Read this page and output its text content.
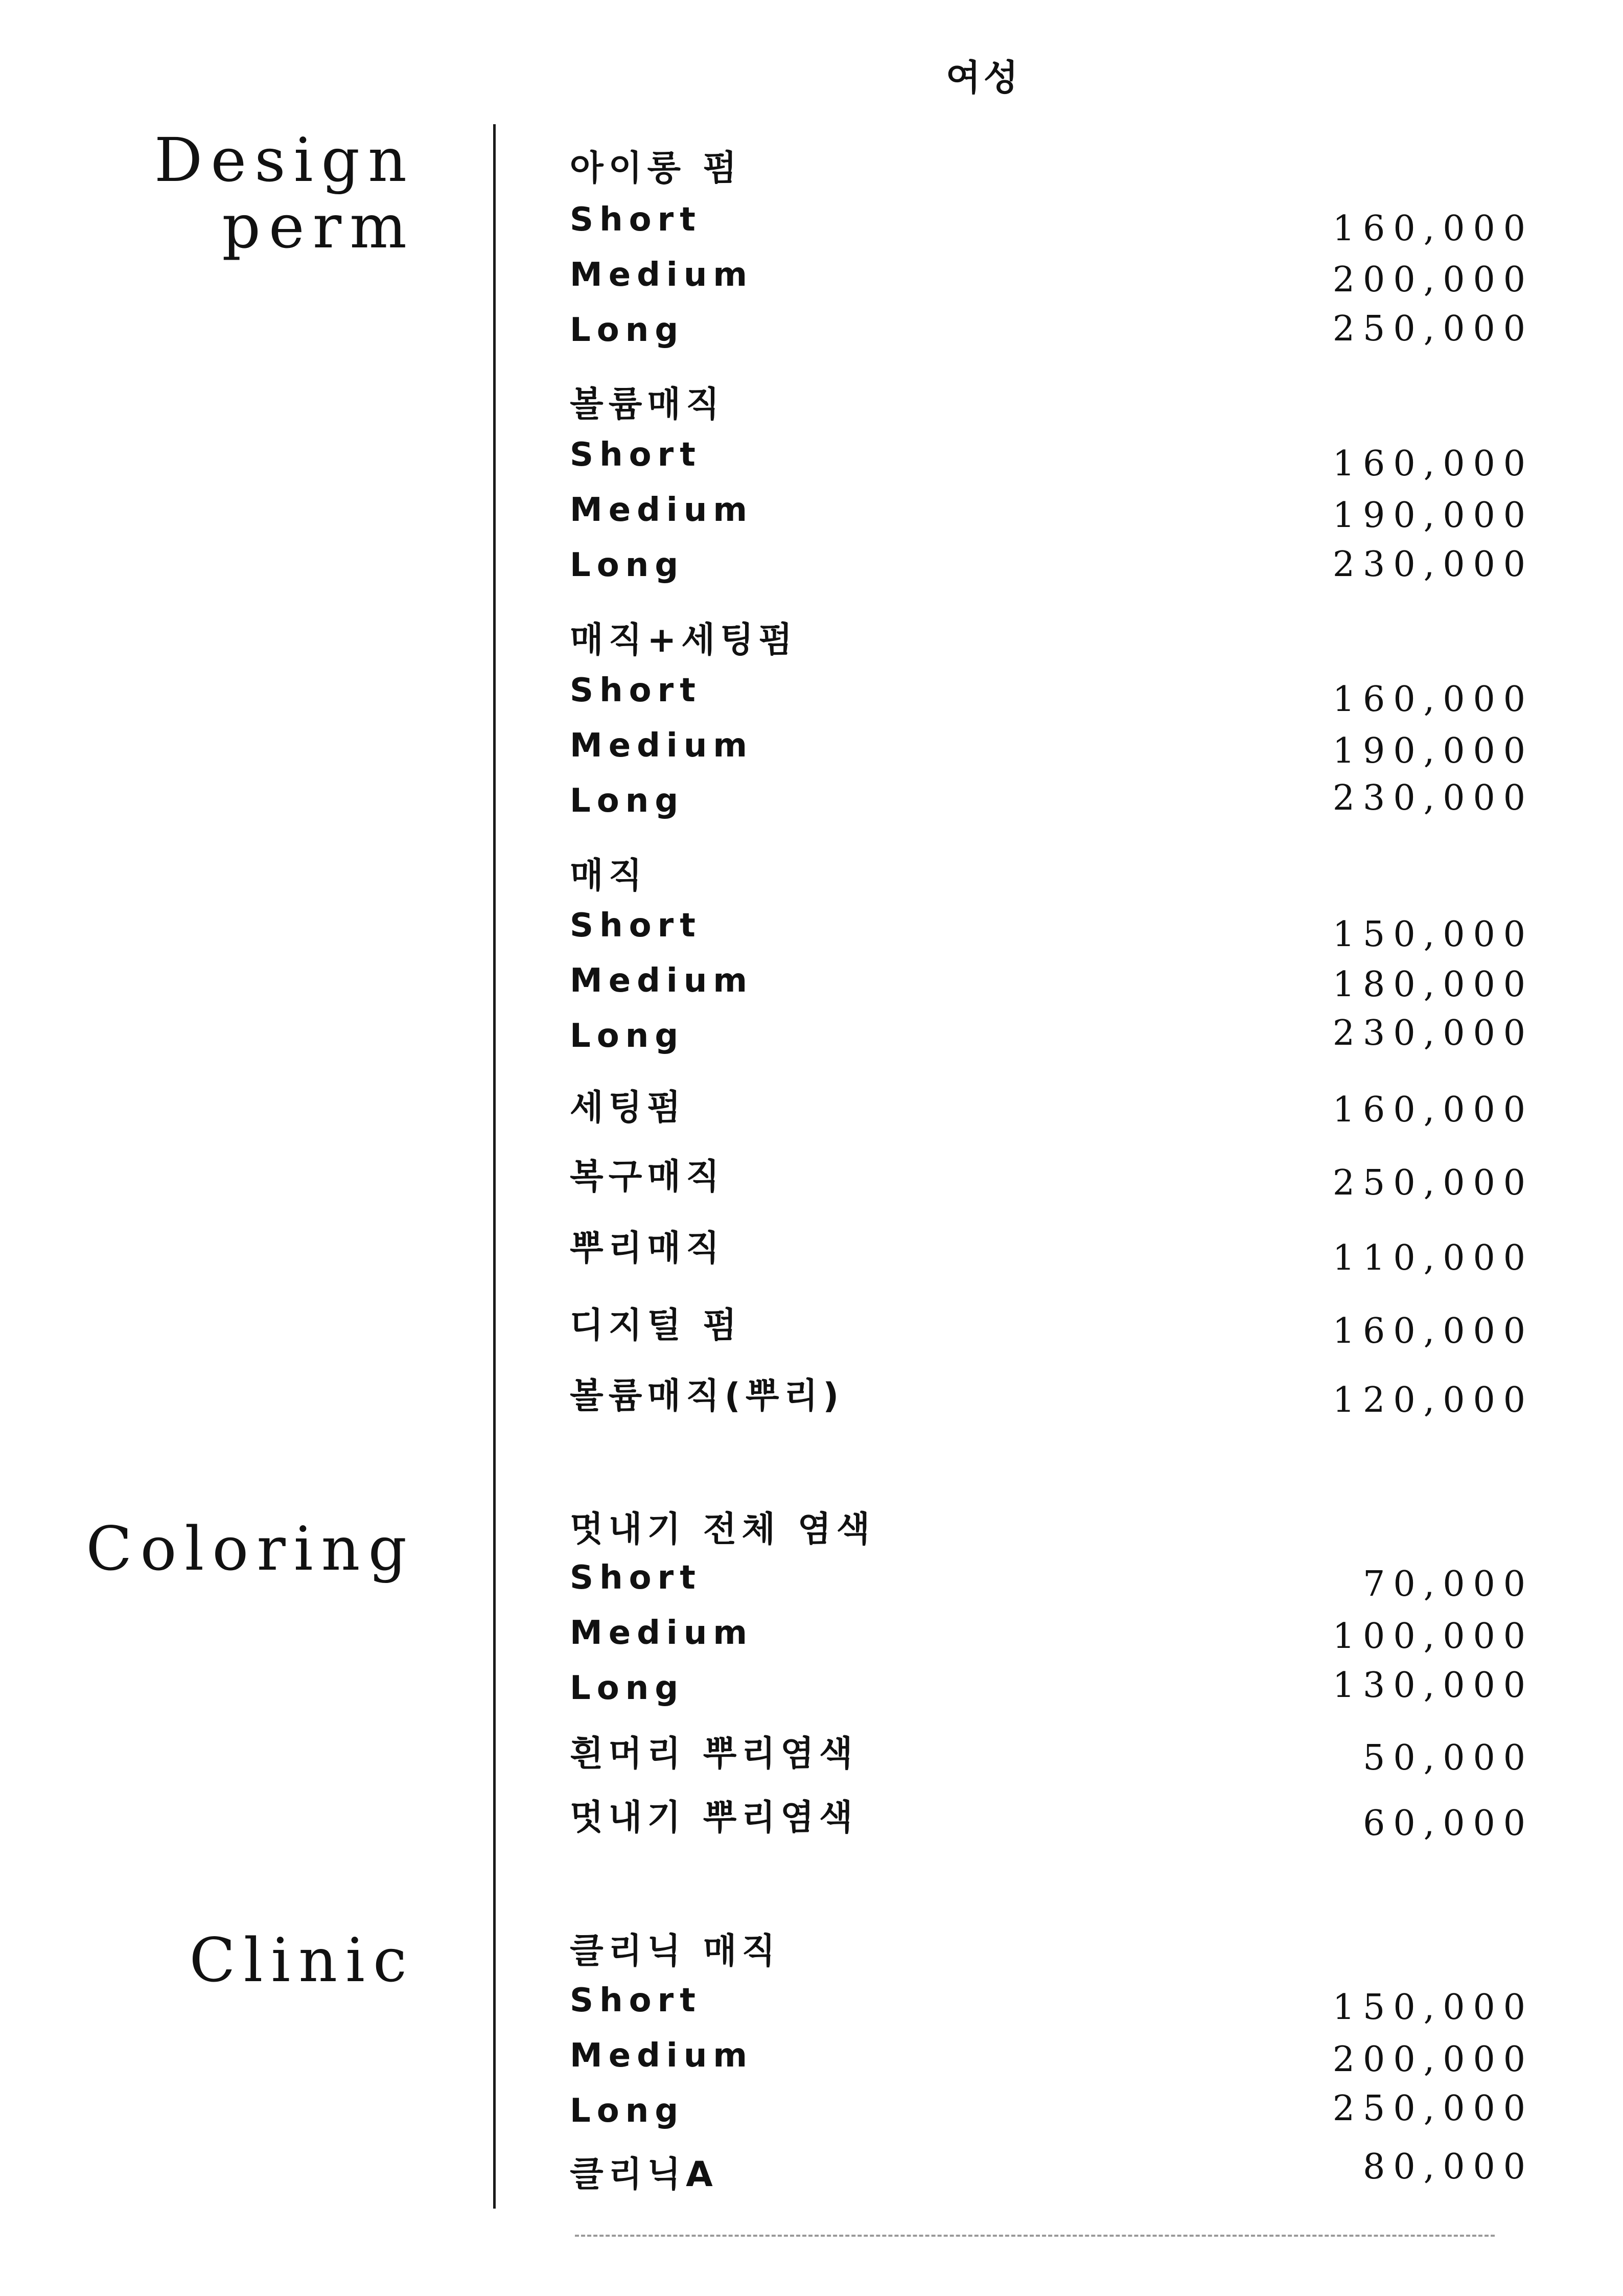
여성
Design
perm
Coloring
Clinic
아이롱 펌
Short	160,000
Medium	200,000
Long	250,000
볼륨매직
Short	160,000
Medium	190,000
Long	230,000
매직+세팅펌
Short	160,000
Medium	190,000
Long	230,000
매직
Short	150,000
Medium	180,000
Long	230,000
세팅펌	160,000
복구매직	250,000
뿌리매직	110,000
디지털 펌	160,000
볼륨매직(뿌리)	120,000
멋내기 전체 염색
Short	70,000
Medium	100,000
Long	130,000
흰머리 뿌리염색	50,000
멋내기 뿌리염색	60,000
클리닉 매직
Short	150,000
Medium	200,000
Long	250,000
클리닉A	80,000
